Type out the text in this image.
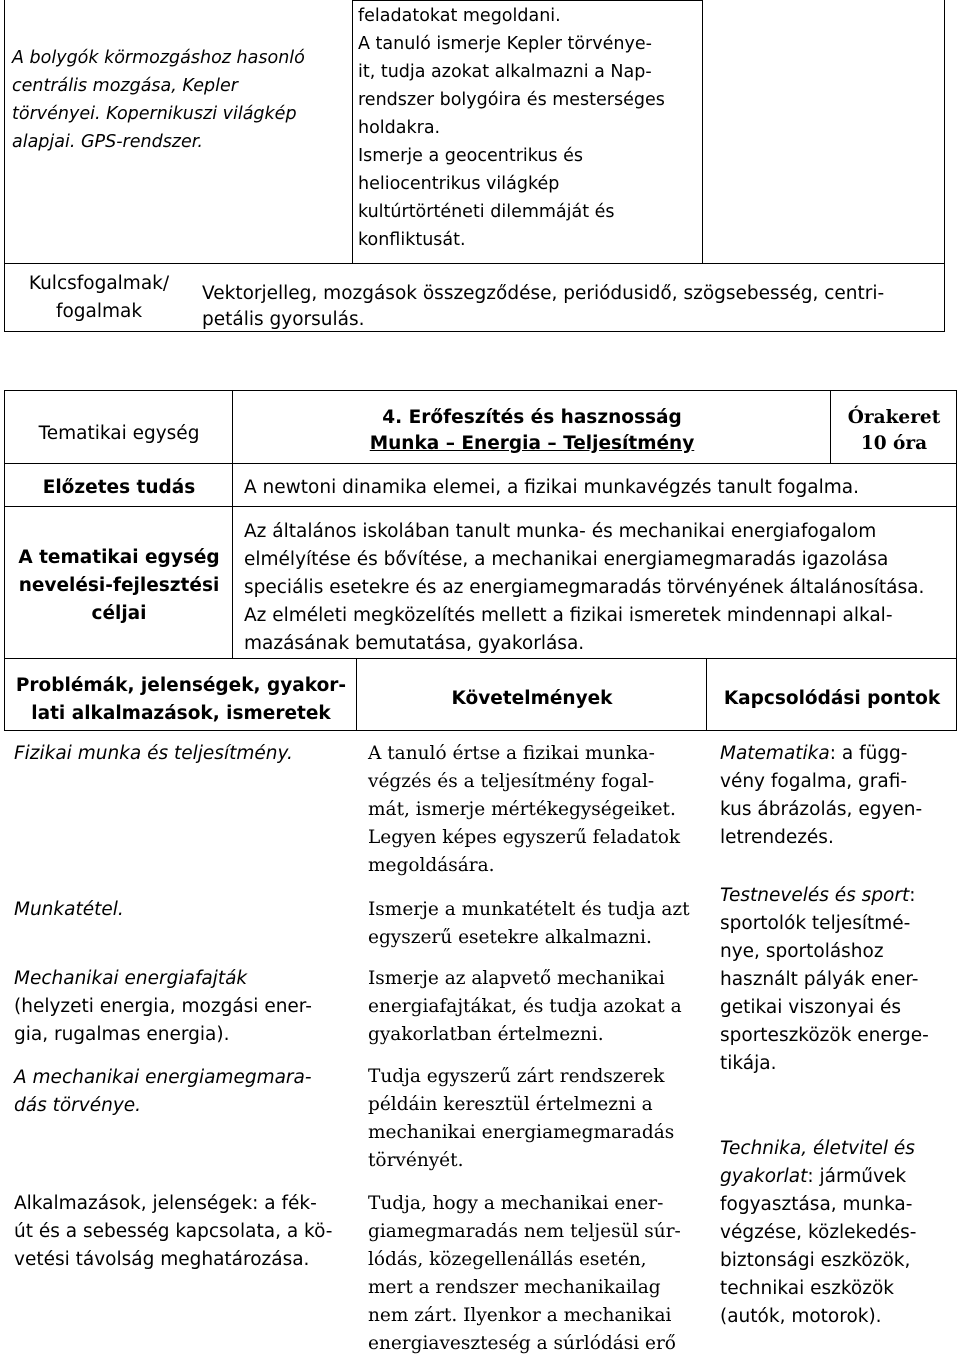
A bolygók körmozgáshoz hasonló
centrális mozgása, Kepler
törvényei. Kopernikuszi világkép
alapjai. GPS-rendszer.
feladatokat megoldani.
A tanuló ismerje Kepler törvénye-
it, tudja azokat alkalmazni a Nap-
rendszer bolygóira és mesterséges
holdakra.
Ismerje a geocentrikus és
heliocentrikus világkép
kultúrtörténeti dilemmáját és
konfliktusát.
Kulcsfogalmak/
fogalmak
Vektorjelleg, mozgások összegződése, periódusidő, szögsebesség, centri-
petális gyorsulás.
Tematikai egység
4. Erőfeszítés és hasznosság
Munka – Energia – Teljesítmény
Órakeret
10 óra
Előzetes tudás	A newtoni dinamika elemei, a fizikai munkavégzés tanult fogalma.
A tematikai egység
nevelési-fejlesztési
céljai
Az általános iskolában tanult munka- és mechanikai energiafogalom
elmélyítése és bővítése, a mechanikai energiamegmaradás igazolása
speciális esetekre és az energiamegmaradás törvényének általánosítása.
Az elméleti megközelítés mellett a fizikai ismeretek mindennapi alkal-
mazásának bemutatása, gyakorlása.
Problémák, jelenségek, gyakor-
lati alkalmazások, ismeretek
Követelmények	Kapcsolódási pontok
Fizikai munka és teljesítmény.
Munkatétel.
Mechanikai energiafajták
(helyzeti energia, mozgási ener-
gia, rugalmas energia).
A mechanikai energiamegmara-
dás törvénye.
Alkalmazások, jelenségek: a fék-
út és a sebesség kapcsolata, a kö-
vetési távolság meghatározása.
A tanuló értse a fizikai munka-
végzés és a teljesítmény fogal-
mát, ismerje mértékegységeiket.
Legyen képes egyszerű feladatok
megoldására.
Ismerje a munkatételt és tudja azt
egyszerű esetekre alkalmazni.
Ismerje az alapvető mechanikai
energiafajtákat, és tudja azokat a
gyakorlatban értelmezni.
Tudja egyszerű zárt rendszerek
példáin keresztül értelmezni a
mechanikai energiamegmaradás
törvényét.
Tudja, hogy a mechanikai ener-
giamegmaradás nem teljesül súr-
lódás, közegellenállás esetén,
mert a rendszer mechanikailag
nem zárt. Ilyenkor a mechanikai
energiaveszteség a súrlódási erő
Matematika: a függ-
vény fogalma, grafi-
kus ábrázolás, egyen-
letrendezés.
Testnevelés és sport:
sportolók teljesítmé-
nye, sportoláshoz
használt pályák ener-
getikai viszonyai és
sporteszközök energe-
tikája.
Technika, életvitel és
gyakorlat: járművek
fogyasztása, munka-
végzése, közlekedés-
biztonsági eszközök,
technikai eszközök
(autók, motorok).
